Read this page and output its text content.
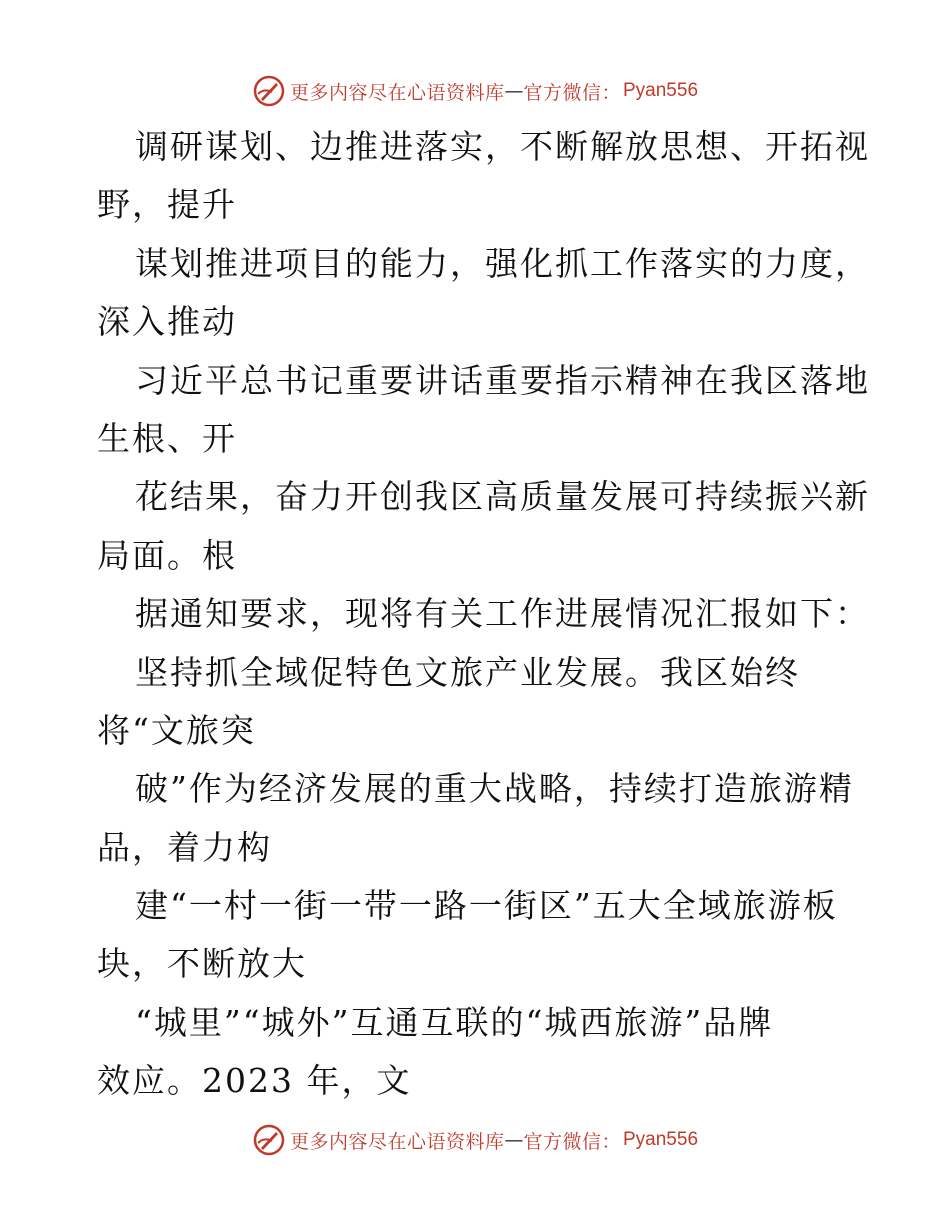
更多内容尽在心语资料库 — 官方微信： Pyan556
调研谋划、边推进落实，不断解放思想、开拓视
野，提升
谋划推进项目的能力，强化抓工作落实的力度，
深入推动
习近平总书记重要讲话重要指示精神在我区落地
生根、开
花结果，奋力开创我区高质量发展可持续振兴新
局面。根
据通知要求，现将有关工作进展情况汇报如下：
坚持抓全域促特色文旅产业发展。我区始终
将“文旅突
破”作为经济发展的重大战略，持续打造旅游精
品，着力构
建“一村一街一带一路一街区”五大全域旅游板
块，不断放大
“城里”“城外”互通互联的“城西旅游”品牌
效应。2023 年，文
更多内容尽在心语资料库 — 官方微信： Pyan556
